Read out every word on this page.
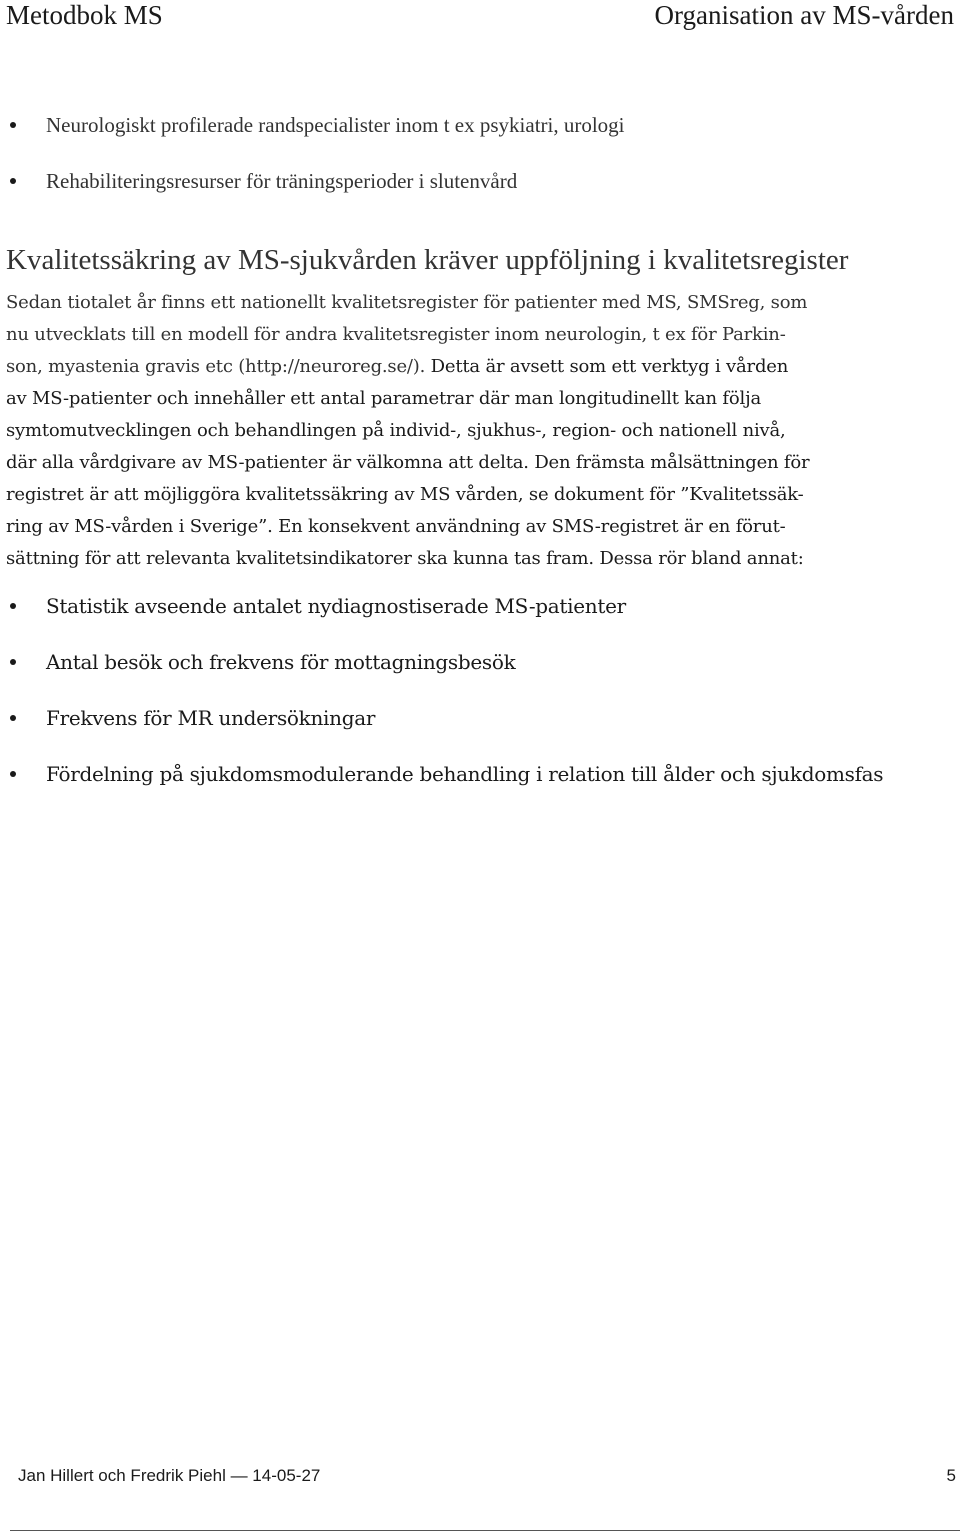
Metodbok MS	Organisation av MS-vården
Neurologiskt profilerade randspecialister inom t ex psykiatri, urologi
Rehabiliteringsresurser för träningsperioder i slutenvård
Kvalitetssäkring av MS-sjukvården kräver uppföljning i kvalitetsregister

Sedan tiotalet år finns ett nationellt kvalitetsregister för patienter med MS, SMSreg, som
nu utvecklats till en modell för andra kvalitetsregister inom neurologin, t ex för Parkin-

son, myastenia gravis etc (http://neuroreg.se/). Detta är avsett som ett verktyg i vården
av MS-patienter och innehåller ett antal parametrar där man longitudinellt kan följa
symtomutvecklingen och behandlingen på individ-, sjukhus-, region- och nationell nivå,
där alla vårdgivare av MS-patienter är välkomna att delta. Den främsta målsättningen för
registret är att möjliggöra kvalitetssäkring av MS vården, se dokument för ”Kvalitetssäk-
ring av MS-vården i Sverige”. En konsekvent användning av SMS-registret är en förut-
sättning för att relevanta kvalitetsindikatorer ska kunna tas fram. Dessa rör bland annat:
Statistik avseende antalet nydiagnostiserade MS-patienter
Antal besök och frekvens för mottagningsbesök
Frekvens för MR undersökningar
Fördelning på sjukdomsmodulerande behandling i relation till ålder och sjukdomsfas
Jan Hillert och Fredrik Piehl — 14-05-27	5
